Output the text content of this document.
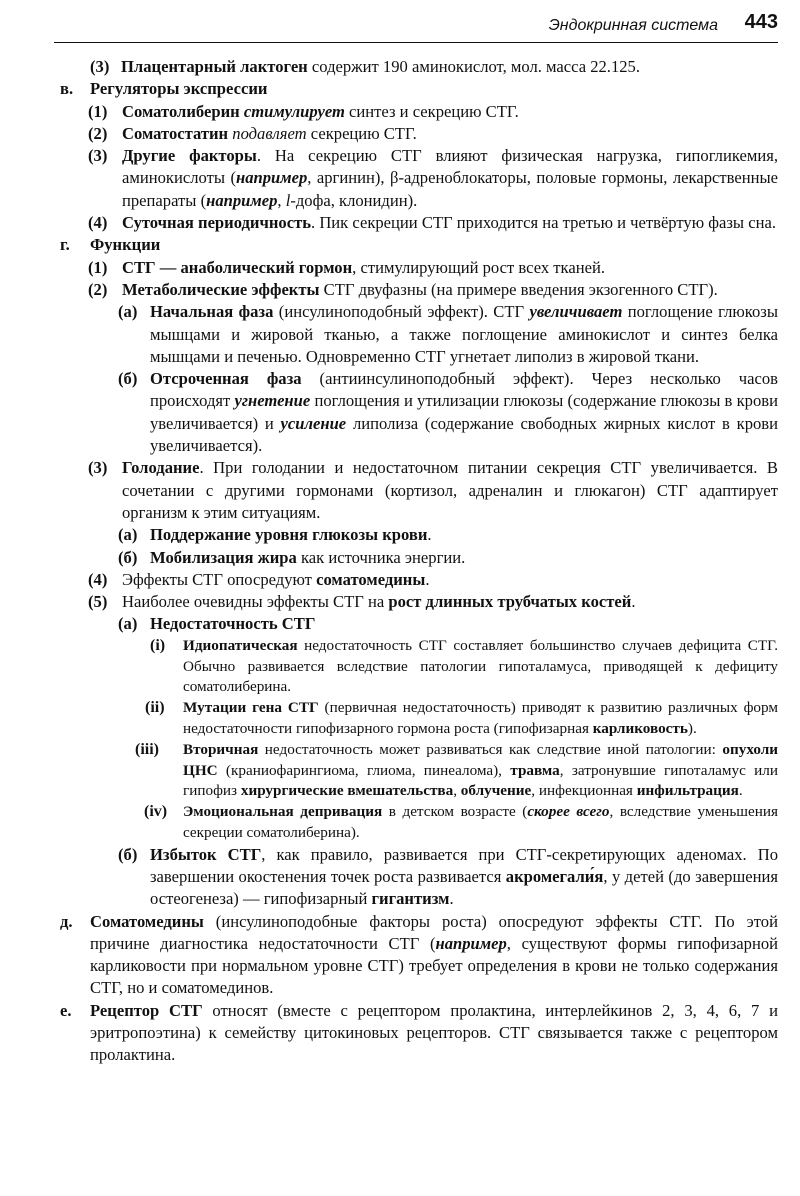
Эндокринная система 443
(3) Плацентарный лактоген содержит 190 аминокислот, мол. масса 22.125.
в. Регуляторы экспрессии
(1) Соматолиберин стимулирует синтез и секрецию СТГ.
(2) Соматостатин подавляет секрецию СТГ.
(3) Другие факторы. На секрецию СТГ влияют физическая нагрузка, гипогликемия, аминокислоты (например, аргинин), β-адреноблокаторы, половые гормоны, лекарственные препараты (например, l-дофа, клонидин).
(4) Суточная периодичность. Пик секреции СТГ приходится на третью и четвёртую фазы сна.
г. Функции
(1) СТГ — анаболический гормон, стимулирующий рост всех тканей.
(2) Метаболические эффекты СТГ двуфазны (на примере введения экзогенного СТГ).
(а) Начальная фаза (инсулиноподобный эффект). СТГ увеличивает поглощение глюкозы мышцами и жировой тканью, а также поглощение аминокислот и синтез белка мышцами и печенью. Одновременно СТГ угнетает липолиз в жировой ткани.
(б) Отсроченная фаза (антиинсулиноподобный эффект). Через несколько часов происходят угнетение поглощения и утилизации глюкозы (содержание глюкозы в крови увеличивается) и усиление липолиза (содержание свободных жирных кислот в крови увеличивается).
(3) Голодание. При голодании и недостаточном питании секреция СТГ увеличивается. В сочетании с другими гормонами (кортизол, адреналин и глюкагон) СТГ адаптирует организм к этим ситуациям.
(а) Поддержание уровня глюкозы крови.
(б) Мобилизация жира как источника энергии.
(4) Эффекты СТГ опосредуют соматомедины.
(5) Наиболее очевидны эффекты СТГ на рост длинных трубчатых костей.
(а) Недостаточность СТГ
(i) Идиопатическая недостаточность СТГ составляет большинство случаев дефицита СТГ. Обычно развивается вследствие патологии гипоталамуса, приводящей к дефициту соматолиберина.
(ii) Мутации гена СТГ (первичная недостаточность) приводят к развитию различных форм недостаточности гипофизарного гормона роста (гипофизарная карликовость).
(iii) Вторичная недостаточность может развиваться как следствие иной патологии: опухоли ЦНС (краниофарингиома, глиома, пинеалома), травма, затронувшие гипоталамус или гипофиз хирургические вмешательства, облучение, инфекционная инфильтрация.
(iv) Эмоциональная депривация в детском возрасте (скорее всего, вследствие уменьшения секреции соматолиберина).
(б) Избыток СТГ, как правило, развивается при СТГ-секретирующих аденомах. По завершении окостенения точек роста развивается акромегали́я, у детей (до завершения остеогенеза) — гипофизарный гигантизм.
д. Соматомедины (инсулиноподобные факторы роста) опосредуют эффекты СТГ. По этой причине диагностика недостаточности СТГ (например, существуют формы гипофизарной карликовости при нормальном уровне СТГ) требует определения в крови не только содержания СТГ, но и соматомединов.
е. Рецептор СТГ относят (вместе с рецептором пролактина, интерлейкинов 2, 3, 4, 6, 7 и эритропоэтина) к семейству цитокиновых рецепторов. СТГ связывается также с рецептором пролактина.
